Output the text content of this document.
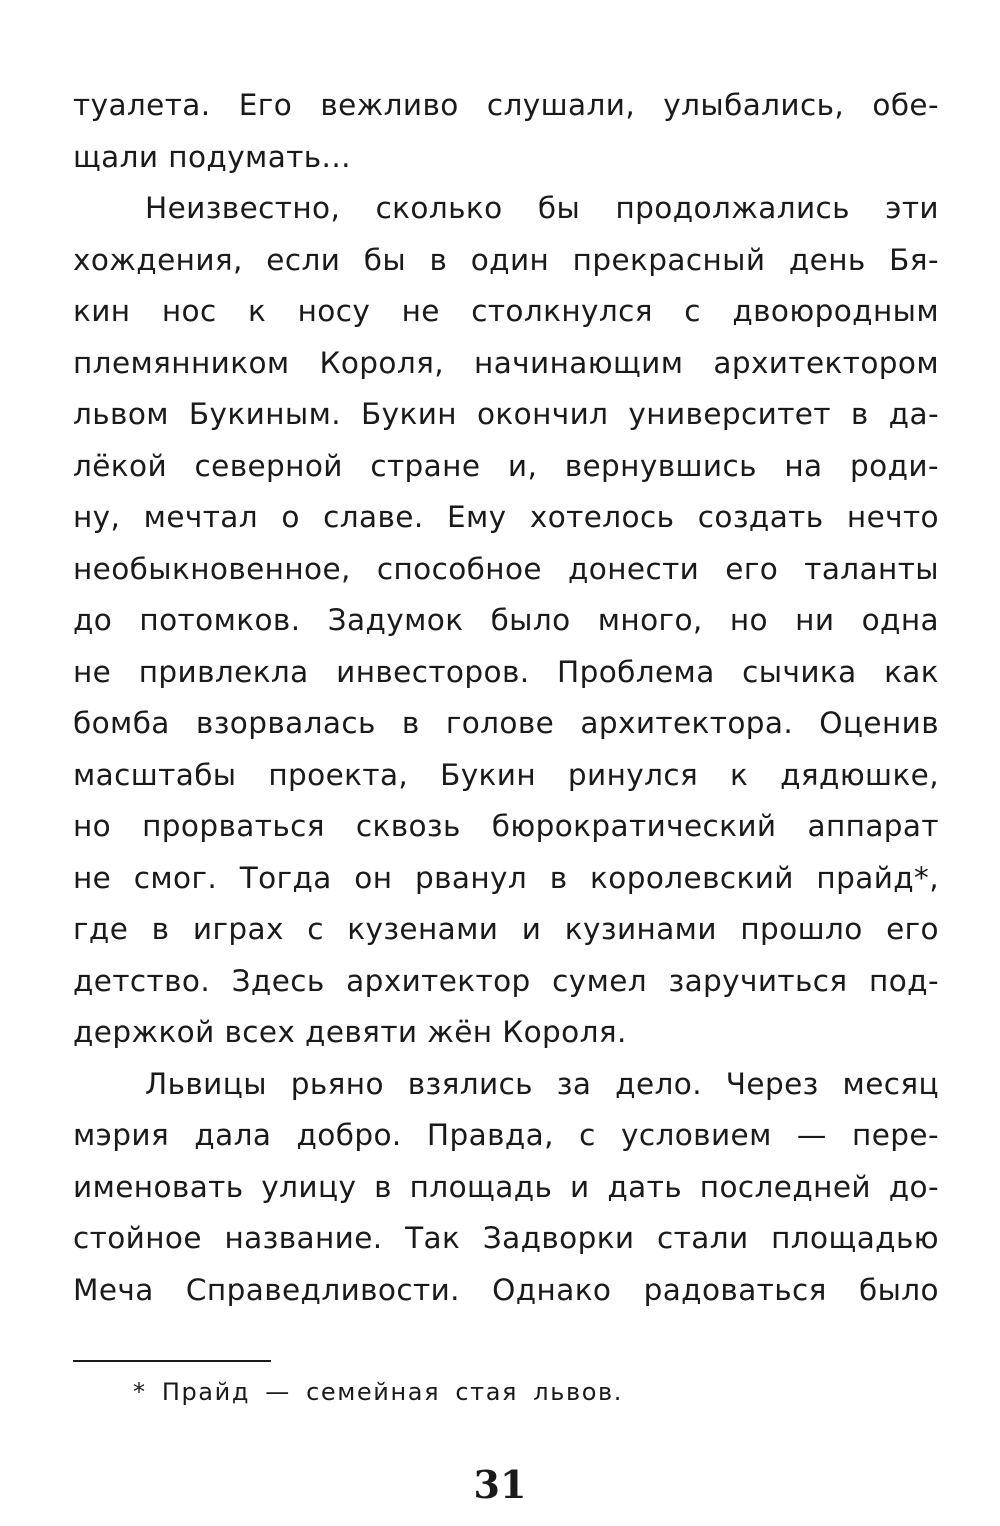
туалета. Его вежливо слушали, улыбались, обе-
щали подумать...
Неизвестно, сколько бы продолжались эти
хождения, если бы в один прекрасный день Бя-
кин нос к носу не столкнулся с двоюродным
племянником Короля, начинающим архитектором
львом Букиным. Букин окончил университет в да-
лёкой северной стране и, вернувшись на роди-
ну, мечтал о славе. Ему хотелось создать нечто
необыкновенное, способное донести его таланты
до потомков. Задумок было много, но ни одна
не привлекла инвесторов. Проблема сычика как
бомба взорвалась в голове архитектора. Оценив
масштабы проекта, Букин ринулся к дядюшке,
но прорваться сквозь бюрократический аппарат
не смог. Тогда он рванул в королевский прайд*,
где в играх с кузенами и кузинами прошло его
детство. Здесь архитектор сумел заручиться под-
держкой всех девяти жён Короля.
Львицы рьяно взялись за дело. Через месяц
мэрия дала добро. Правда, с условием — пере-
именовать улицу в площадь и дать последней до-
стойное название. Так Задворки стали площадью
Меча Справедливости. Однако радоваться было
* Прайд — семейная стая львов.
31
